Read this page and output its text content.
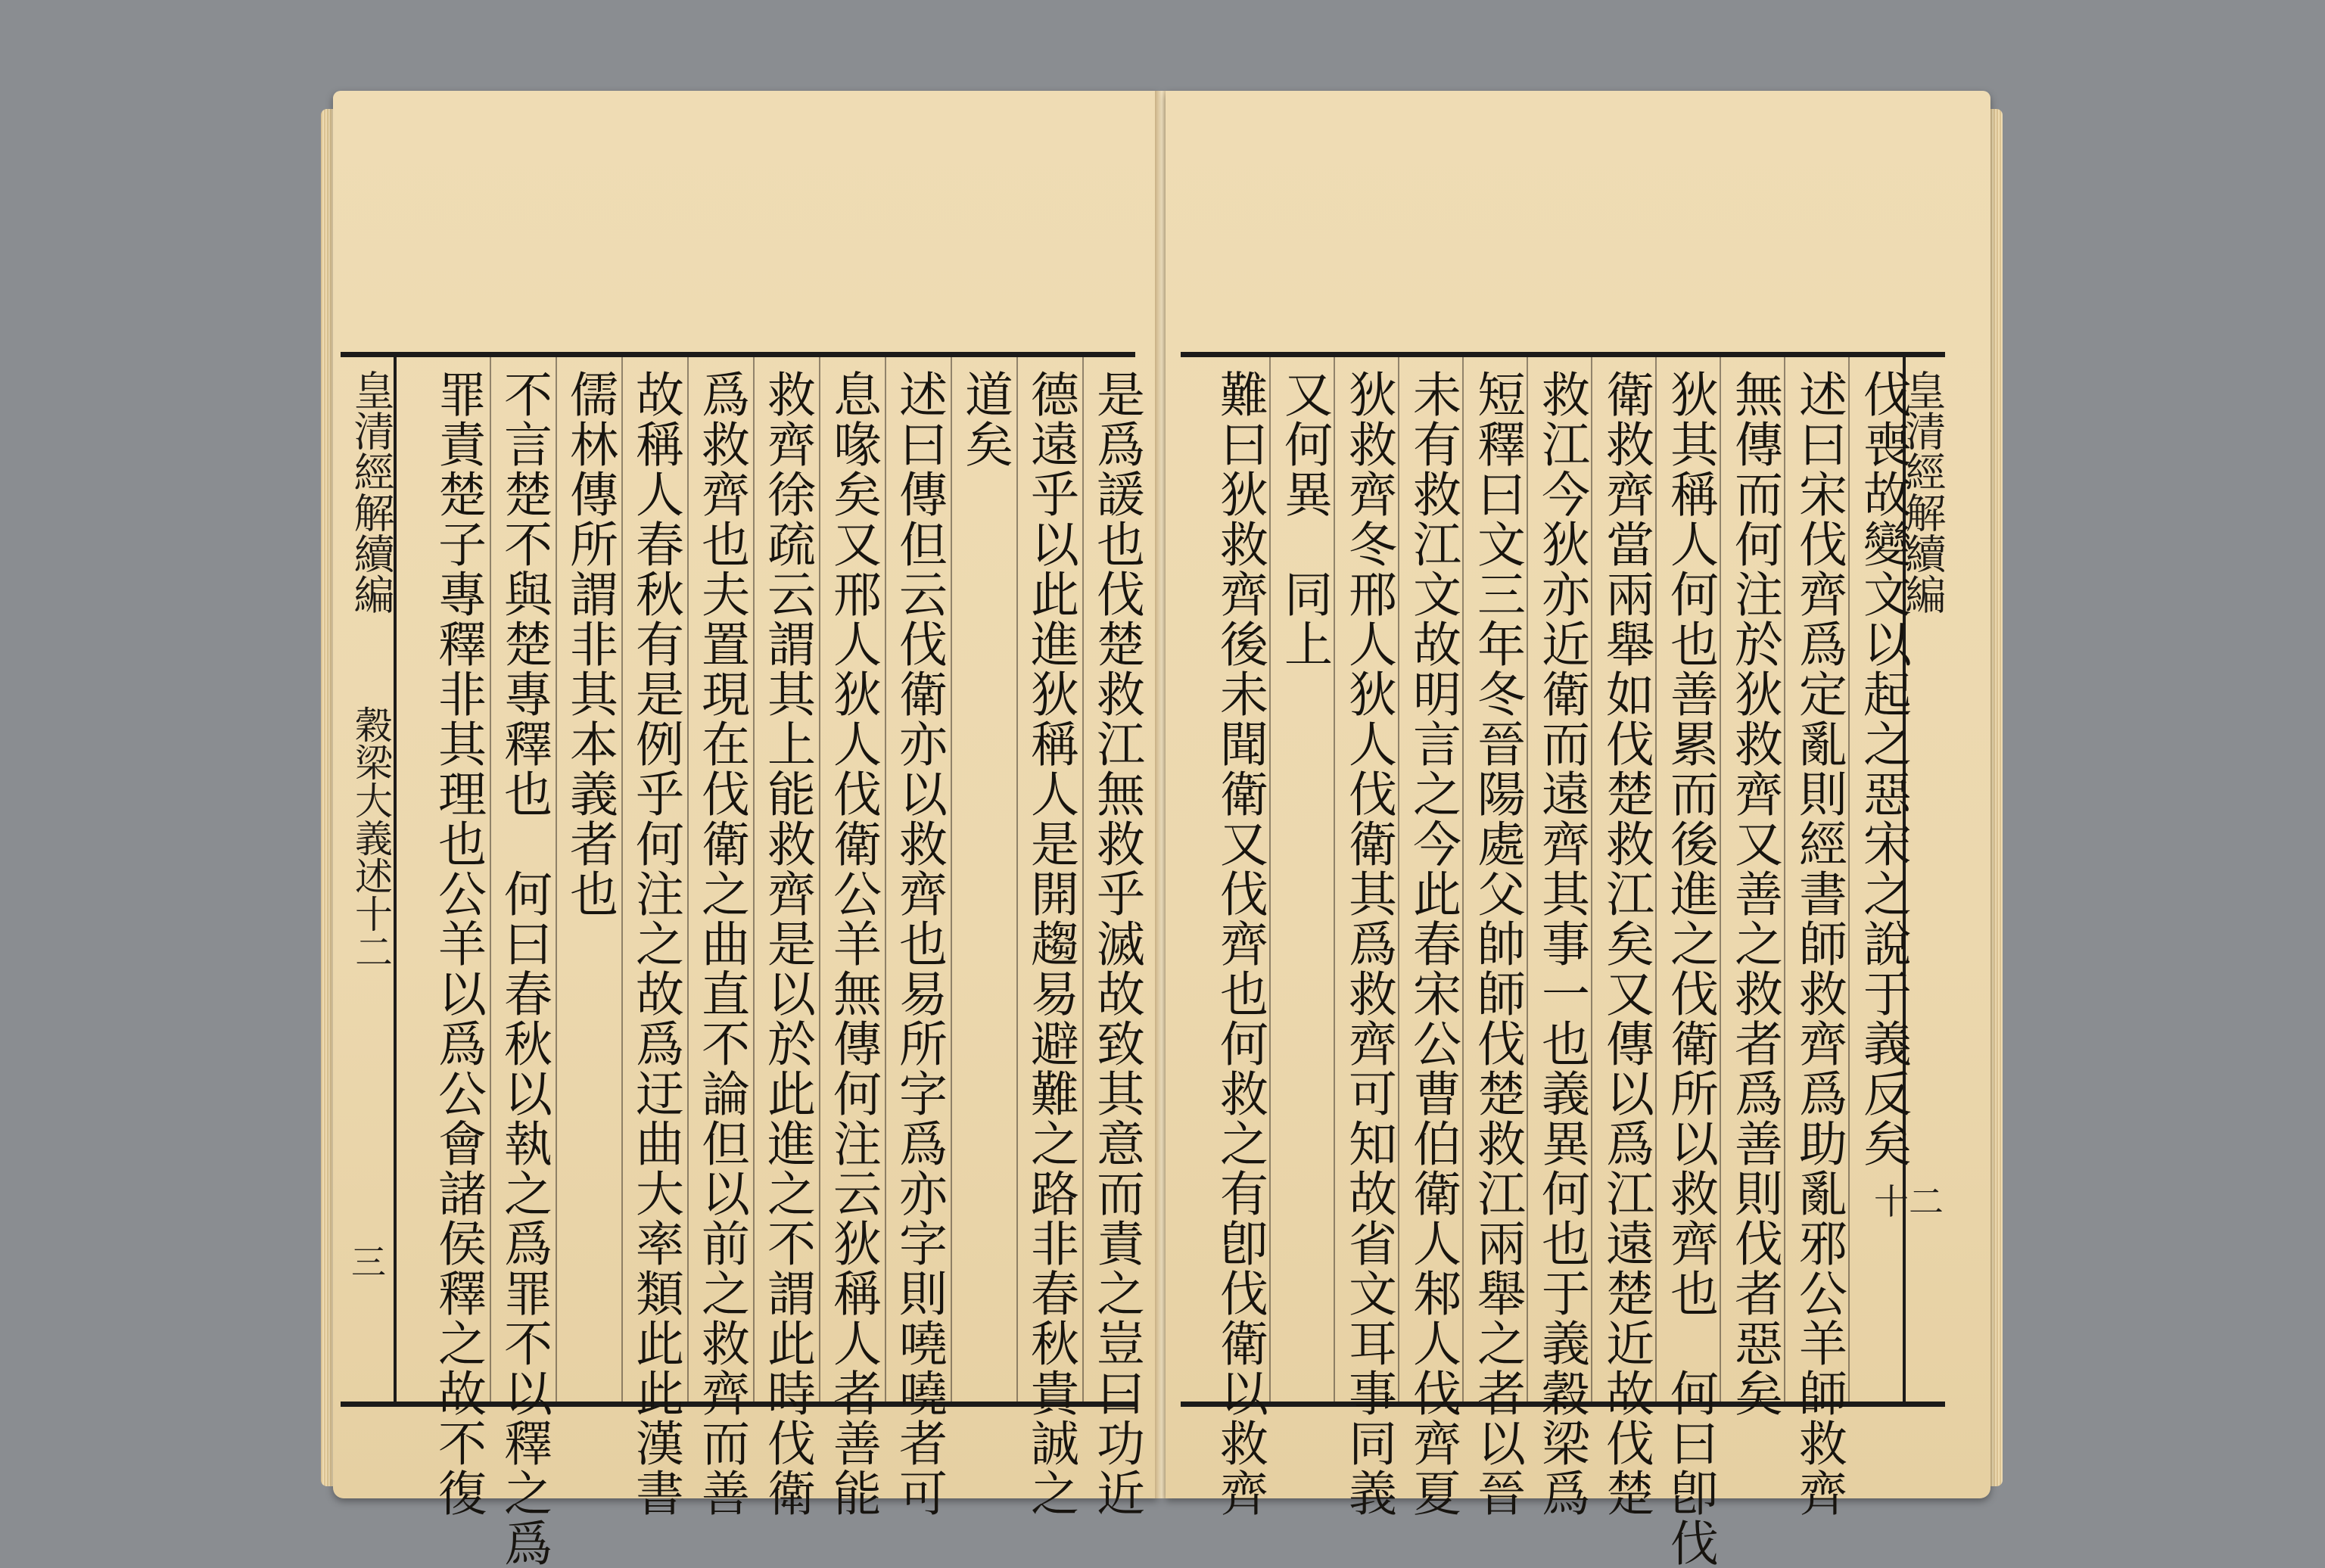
皇清經解續編
穀梁大義述十二
三	是爲諼也伐楚救江無救乎滅故致其意而責之豈曰功近
德遠乎以此進狄稱人是開趨易避難之路非春秋貴誠之
道矣
述曰傳但云伐衛亦以救齊也易所字爲亦字則嘵嘵者可
息喙矣又邢人狄人伐衛公羊無傳何注云狄稱人者善能
救齊徐疏云謂其上能救齊是以於此進之不謂此時伐衛
爲救齊也夫置現在伐衛之曲直不論但以前之救齊而善
故稱人春秋有是例乎何注之故爲迂曲大率類此此漢書
儒林傳所謂非其本義者也
不言楚不與楚專釋也　何曰春秋以執之爲罪不以釋之爲
罪責楚子專釋非其理也公羊以爲公會諸侯釋之故不復	皇清經解續編
十二
伐喪故變文以起之惡宋之說于義反矣
述曰宋伐齊爲定亂則經書師救齊爲助亂邪公羊師救齊
無傳而何注於狄救齊又善之救者爲善則伐者惡矣
狄其稱人何也善累而後進之伐衛所以救齊也　何曰卽伐
衛救齊當兩舉如伐楚救江矣又傳以爲江遠楚近故伐楚
救江今狄亦近衛而遠齊其事一也義異何也于義穀梁爲
短釋曰文三年冬晉陽處父帥師伐楚救江兩舉之者以晉
未有救江文故明言之今此春宋公曹伯衛人邾人伐齊夏
狄救齊冬邢人狄人伐衛其爲救齊可知故省文耳事同義
又何異　同上
難曰狄救齊後未聞衛又伐齊也何救之有卽伐衛以救齊
